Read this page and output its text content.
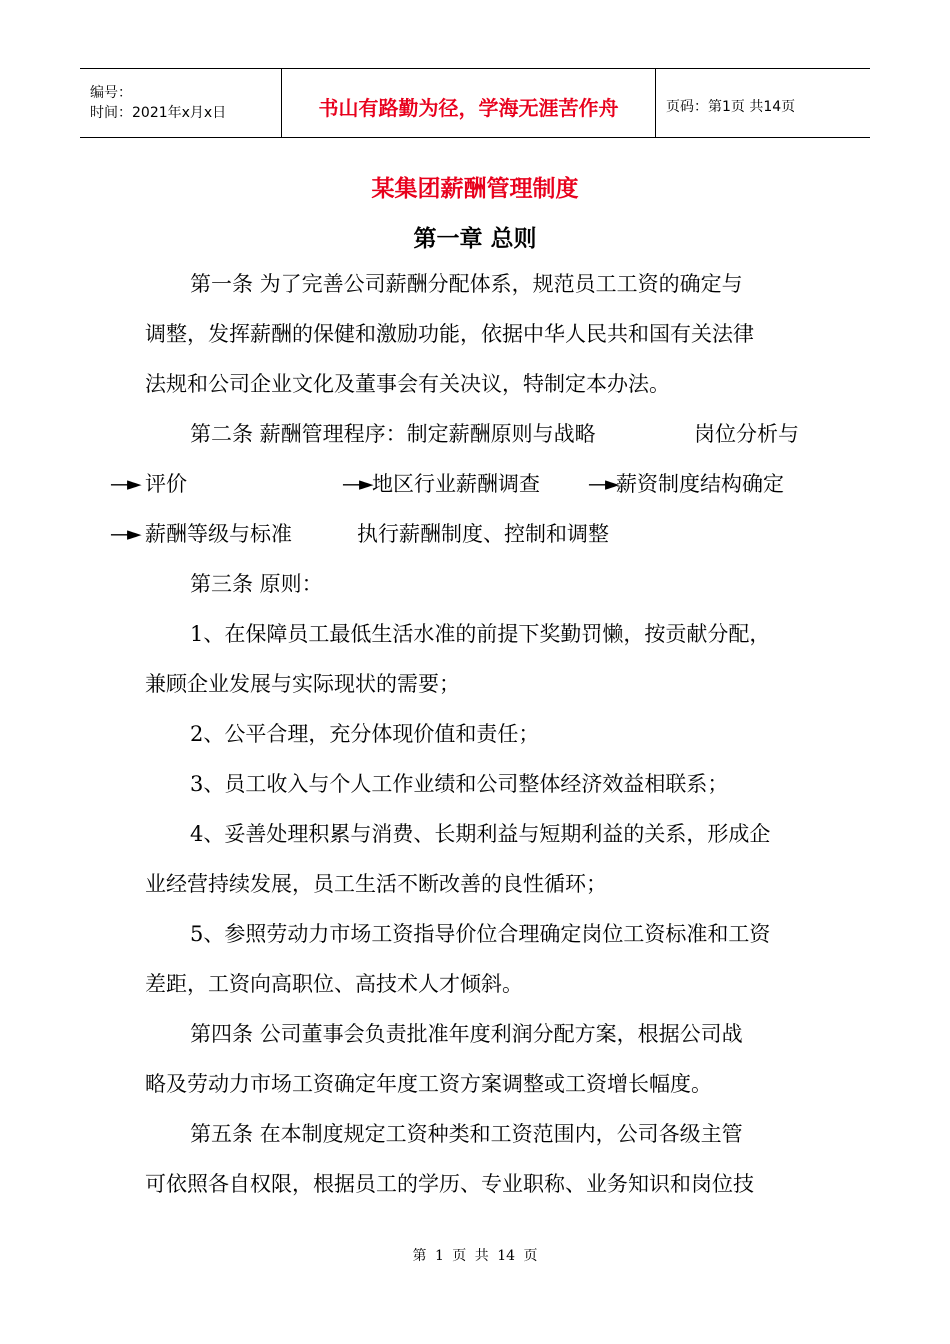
编号：
时间：2021年x月x日	书山有路勤为径，学海无涯苦作舟	页码：第1页 共14页
某集团薪酬管理制度
第一章 总则

第一条 为了完善公司薪酬分配体系，规范员工工资的确定与

调整，发挥薪酬的保健和激励功能，依据中华人民共和国有关法律

法规和公司企业文化及董事会有关决议，特制定本办法。

第二条 薪酬管理程序：制定薪酬原则与战略	岗位分析与
—► 评价	—► 地区行业薪酬调查	—►
薪资制度结构确定
—► 薪酬等级与标准	执行薪酬制度、控制和调整

第三条 原则：

1、在保障员工最低生活水准的前提下奖勤罚懒，按贡献分配，

兼顾企业发展与实际现状的需要；

2、公平合理，充分体现价值和责任；

3、员工收入与个人工作业绩和公司整体经济效益相联系；

4、妥善处理积累与消费、长期利益与短期利益的关系，形成企

业经营持续发展，员工生活不断改善的良性循环；

5、参照劳动力市场工资指导价位合理确定岗位工资标准和工资

差距，工资向高职位、高技术人才倾斜。

第四条 公司董事会负责批准年度利润分配方案，根据公司战

略及劳动力市场工资确定年度工资方案调整或工资增长幅度。

第五条 在本制度规定工资种类和工资范围内，公司各级主管

可依照各自权限，根据员工的学历、专业职称、业务知识和岗位技

第 1 页 共 14 页
